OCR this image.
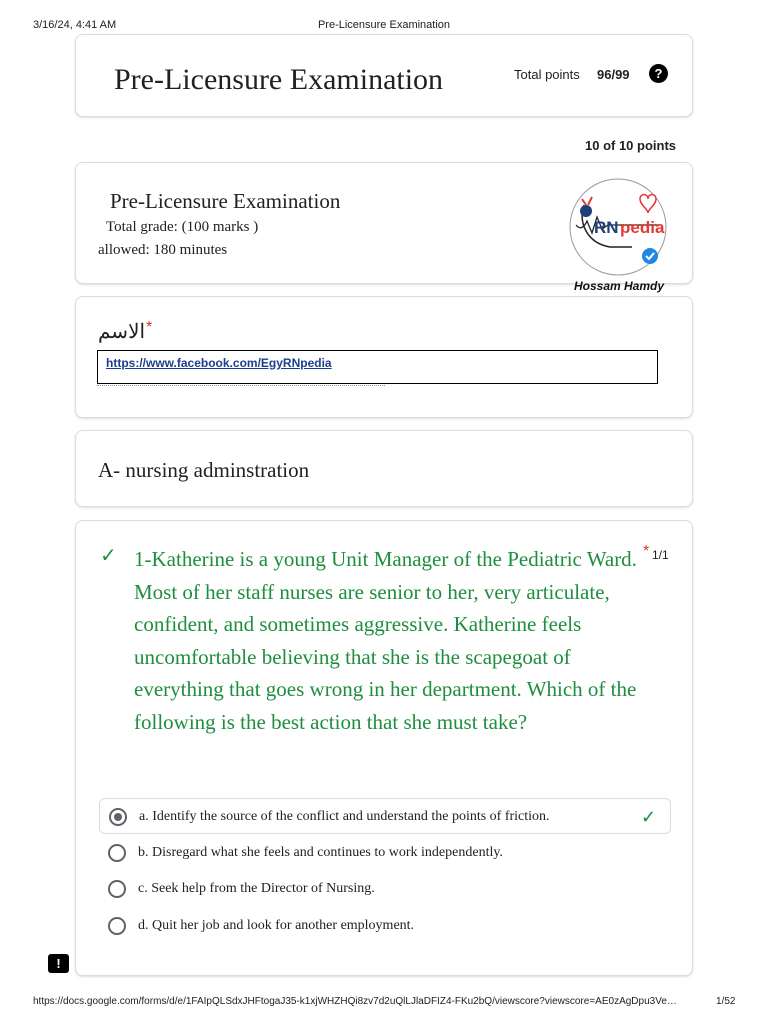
3/16/24, 4:41 AM	Pre-Licensure Examination
Pre-Licensure Examination	Total points 96/99	?
10 of 10 points
Pre-Licensure Examination
Total grade: (100 marks )
allowed: 180 minutes
RN pedia
Hossam Hamdy
الاسم *
https://www.facebook.com/EgyRNpedia
A- nursing adminstration
✓ 1-Katherine is a young Unit Manager of the Pediatric Ward. Most of her staff nurses are senior to her, very articulate, confident, and sometimes aggressive. Katherine feels uncomfortable believing that she is the scapegoat of everything that goes wrong in her department. Which of the following is the best action that she must take?
* 1/1
a. Identify the source of the conflict and understand the points of friction.	✓
b. Disregard what she feels and continues to work independently.
c. Seek help from the Director of Nursing.
d. Quit her job and look for another employment.
!
https://docs.google.com/forms/d/e/1FAIpQLSdxJHFtogaJ35-k1xjWHZHQi8zv7d2uQlLJlaDFIZ4-FKu2bQ/viewscore?viewscore=AE0zAgDpu3Ve…	1/52
